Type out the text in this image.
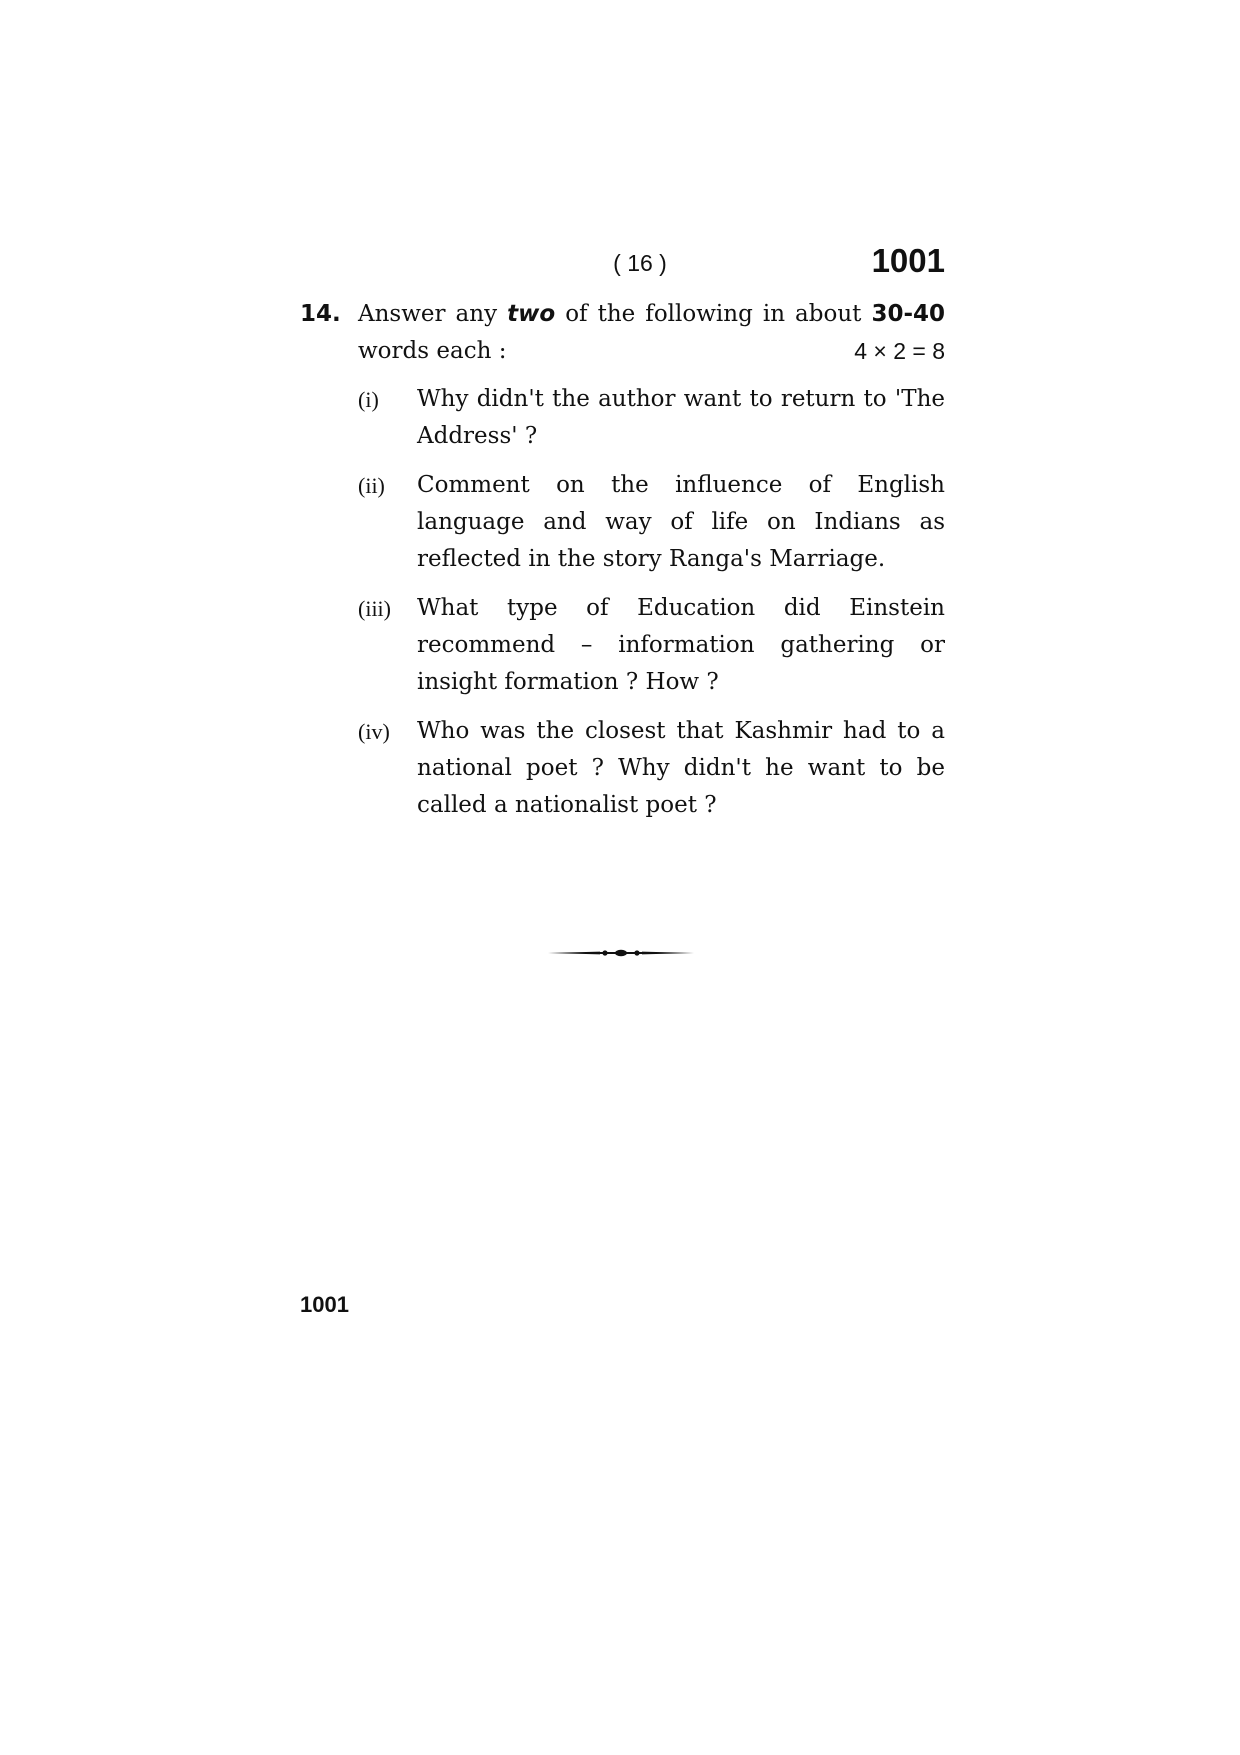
( 16 )	1001
14. Answer any two of the following in about 30-40
words each :	4 × 2 = 8
(i) Why didn't the author want to return to 'The Address' ?
(ii) Comment on the influence of English language and way of life on Indians as reflected in the story Ranga's Marriage.
(iii) What type of Education did Einstein recommend – information gathering or insight formation ? How ?
(iv) Who was the closest that Kashmir had to a national poet ? Why didn't he want to be called a nationalist poet ?
1001
